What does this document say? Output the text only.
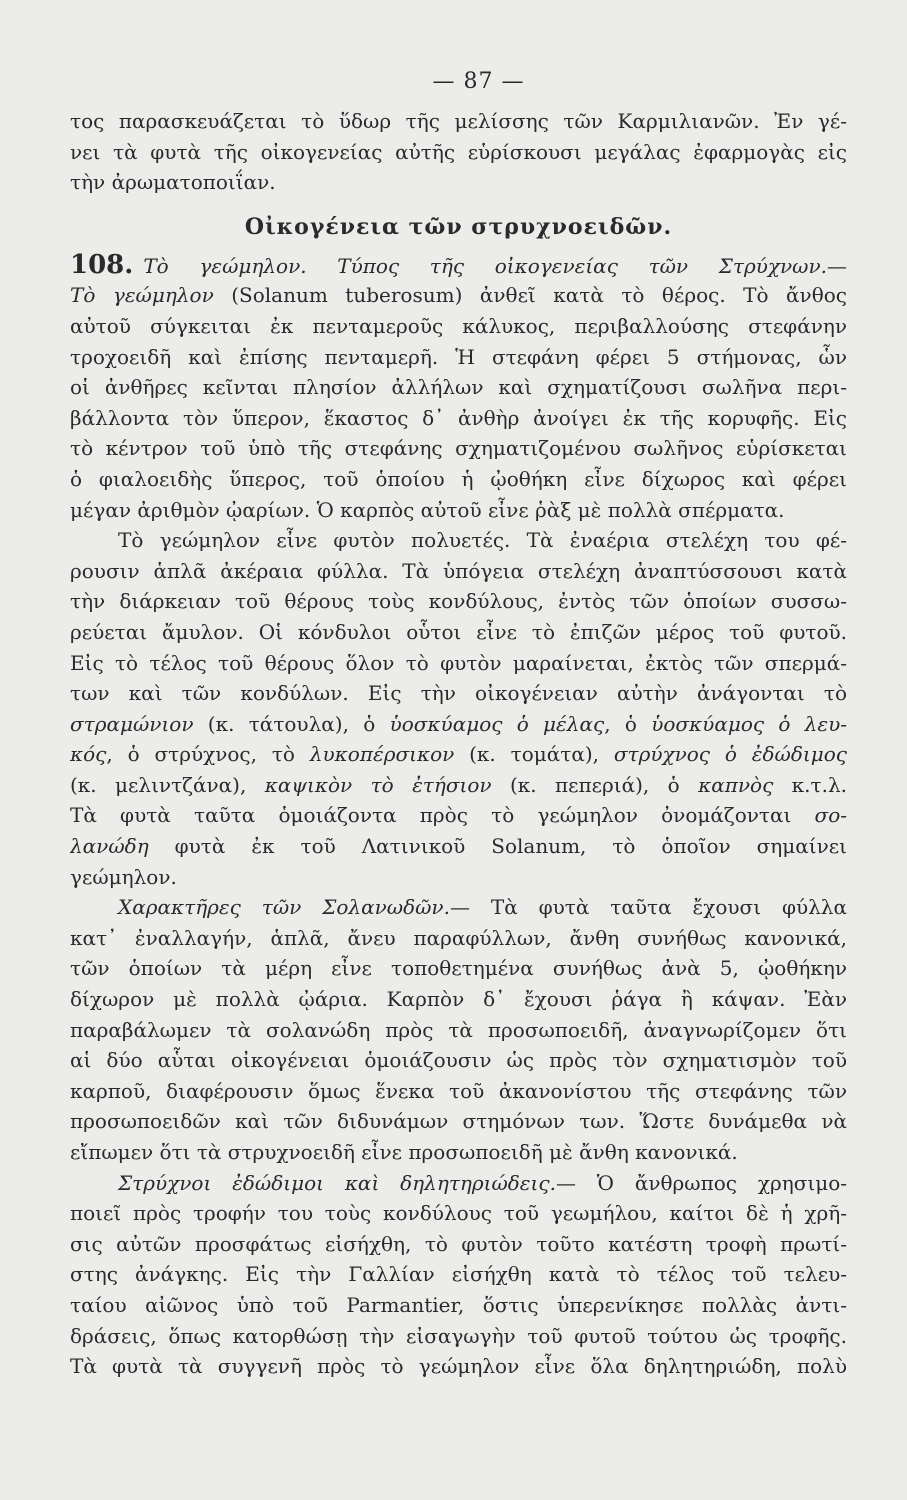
— 87 —
τος παρασκευάζεται τὸ ὕδωρ τῆς μελίσσης τῶν Καρμιλιανῶν. Ἐν γέ-
νει τὰ φυτὰ τῆς οἰκογενείας αὐτῆς εὑρίσκουσι μεγάλας ἐφαρμογὰς εἰς
τὴν ἀρωματοποιΐαν.
Οἰκογένεια τῶν στρυχνοειδῶν.
108. Τὸ γεώμηλον. Τύπος τῆς οἰκογενείας τῶν Στρύχνων.—
Τὸ γεώμηλον (Solanum tuberosum) ἀνθεῖ κατὰ τὸ θέρος. Τὸ ἄνθος
αὐτοῦ σύγκειται ἐκ πενταμεροῦς κάλυκος, περιβαλλούσης στεφάνην
τροχοειδῆ καὶ ἐπίσης πενταμερῆ. Ἡ στεφάνη φέρει 5 στήμονας, ὧν
οἱ ἀνθῆρες κεῖνται πλησίον ἀλλήλων καὶ σχηματίζουσι σωλῆνα περι-
βάλλοντα τὸν ὕπερον, ἕκαστος δ᾽ ἀνθὴρ ἀνοίγει ἐκ τῆς κορυφῆς. Εἰς
τὸ κέντρον τοῦ ὑπὸ τῆς στεφάνης σχηματιζομένου σωλῆνος εὑρίσκεται
ὁ φιαλοειδὴς ὕπερος, τοῦ ὁποίου ἡ ᾠοθήκη εἶνε δίχωρος καὶ φέρει
μέγαν ἀριθμὸν ᾠαρίων. Ὁ καρπὸς αὐτοῦ εἶνε ῥὰξ μὲ πολλὰ σπέρματα.
Τὸ γεώμηλον εἶνε φυτὸν πολυετές. Τὰ ἐναέρια στελέχη του φέ-
ρουσιν ἁπλᾶ ἀκέραια φύλλα. Τὰ ὑπόγεια στελέχη ἀναπτύσσουσι κατὰ
τὴν διάρκειαν τοῦ θέρους τοὺς κονδύλους, ἐντὸς τῶν ὁποίων συσσω-
ρεύεται ἄμυλον. Οἱ κόνδυλοι οὗτοι εἶνε τὸ ἐπιζῶν μέρος τοῦ φυτοῦ.
Εἰς τὸ τέλος τοῦ θέρους ὅλον τὸ φυτὸν μαραίνεται, ἐκτὸς τῶν σπερμά-
των καὶ τῶν κονδύλων. Εἰς τὴν οἰκογένειαν αὐτὴν ἀνάγονται τὸ
στραμώνιον (κ. τάτουλα), ὁ ὑοσκύαμος ὁ μέλας, ὁ ὑοσκύαμος ὁ λευ-
κός, ὁ στρύχνος, τὸ λυκοπέρσικον (κ. τομάτα), στρύχνος ὁ ἐδώδιμος
(κ. μελιντζάνα), καψικὸν τὸ ἐτήσιον (κ. πεπεριά), ὁ καπνὸς κ.τ.λ.
Τὰ φυτὰ ταῦτα ὁμοιάζοντα πρὸς τὸ γεώμηλον ὀνομάζονται σο-
λανώδη φυτὰ ἐκ τοῦ Λατινικοῦ Solanum, τὸ ὁποῖον σημαίνει
γεώμηλον.
Χαρακτῆρες τῶν Σολανωδῶν.— Τὰ φυτὰ ταῦτα ἔχουσι φύλλα
κατ᾽ ἐναλλαγήν, ἁπλᾶ, ἄνευ παραφύλλων, ἄνθη συνήθως κανονικά,
τῶν ὁποίων τὰ μέρη εἶνε τοποθετημένα συνήθως ἀνὰ 5, ᾠοθήκην
δίχωρον μὲ πολλὰ ᾠάρια. Καρπὸν δ᾽ ἔχουσι ῥάγα ἢ κάψαν. Ἐὰν
παραβάλωμεν τὰ σολανώδη πρὸς τὰ προσωποειδῆ, ἀναγνωρίζομεν ὅτι
αἱ δύο αὗται οἰκογένειαι ὁμοιάζουσιν ὡς πρὸς τὸν σχηματισμὸν τοῦ
καρποῦ, διαφέρουσιν ὅμως ἕνεκα τοῦ ἀκανονίστου τῆς στεφάνης τῶν
προσωποειδῶν καὶ τῶν διδυνάμων στημόνων των. Ὥστε δυνάμεθα νὰ
εἴπωμεν ὅτι τὰ στρυχνοειδῆ εἶνε προσωποειδῆ μὲ ἄνθη κανονικά.
Στρύχνοι ἐδώδιμοι καὶ δηλητηριώδεις.— Ὁ ἄνθρωπος χρησιμο-
ποιεῖ πρὸς τροφήν του τοὺς κονδύλους τοῦ γεωμήλου, καίτοι δὲ ἡ χρῆ-
σις αὐτῶν προσφάτως εἰσήχθη, τὸ φυτὸν τοῦτο κατέστη τροφὴ πρωτί-
στης ἀνάγκης. Εἰς τὴν Γαλλίαν εἰσήχθη κατὰ τὸ τέλος τοῦ τελευ-
ταίου αἰῶνος ὑπὸ τοῦ Parmantier, ὅστις ὑπερενίκησε πολλὰς ἀντι-
δράσεις, ὅπως κατορθώσῃ τὴν εἰσαγωγὴν τοῦ φυτοῦ τούτου ὡς τροφῆς.
Τὰ φυτὰ τὰ συγγενῆ πρὸς τὸ γεώμηλον εἶνε ὅλα δηλητηριώδη, πολὺ
